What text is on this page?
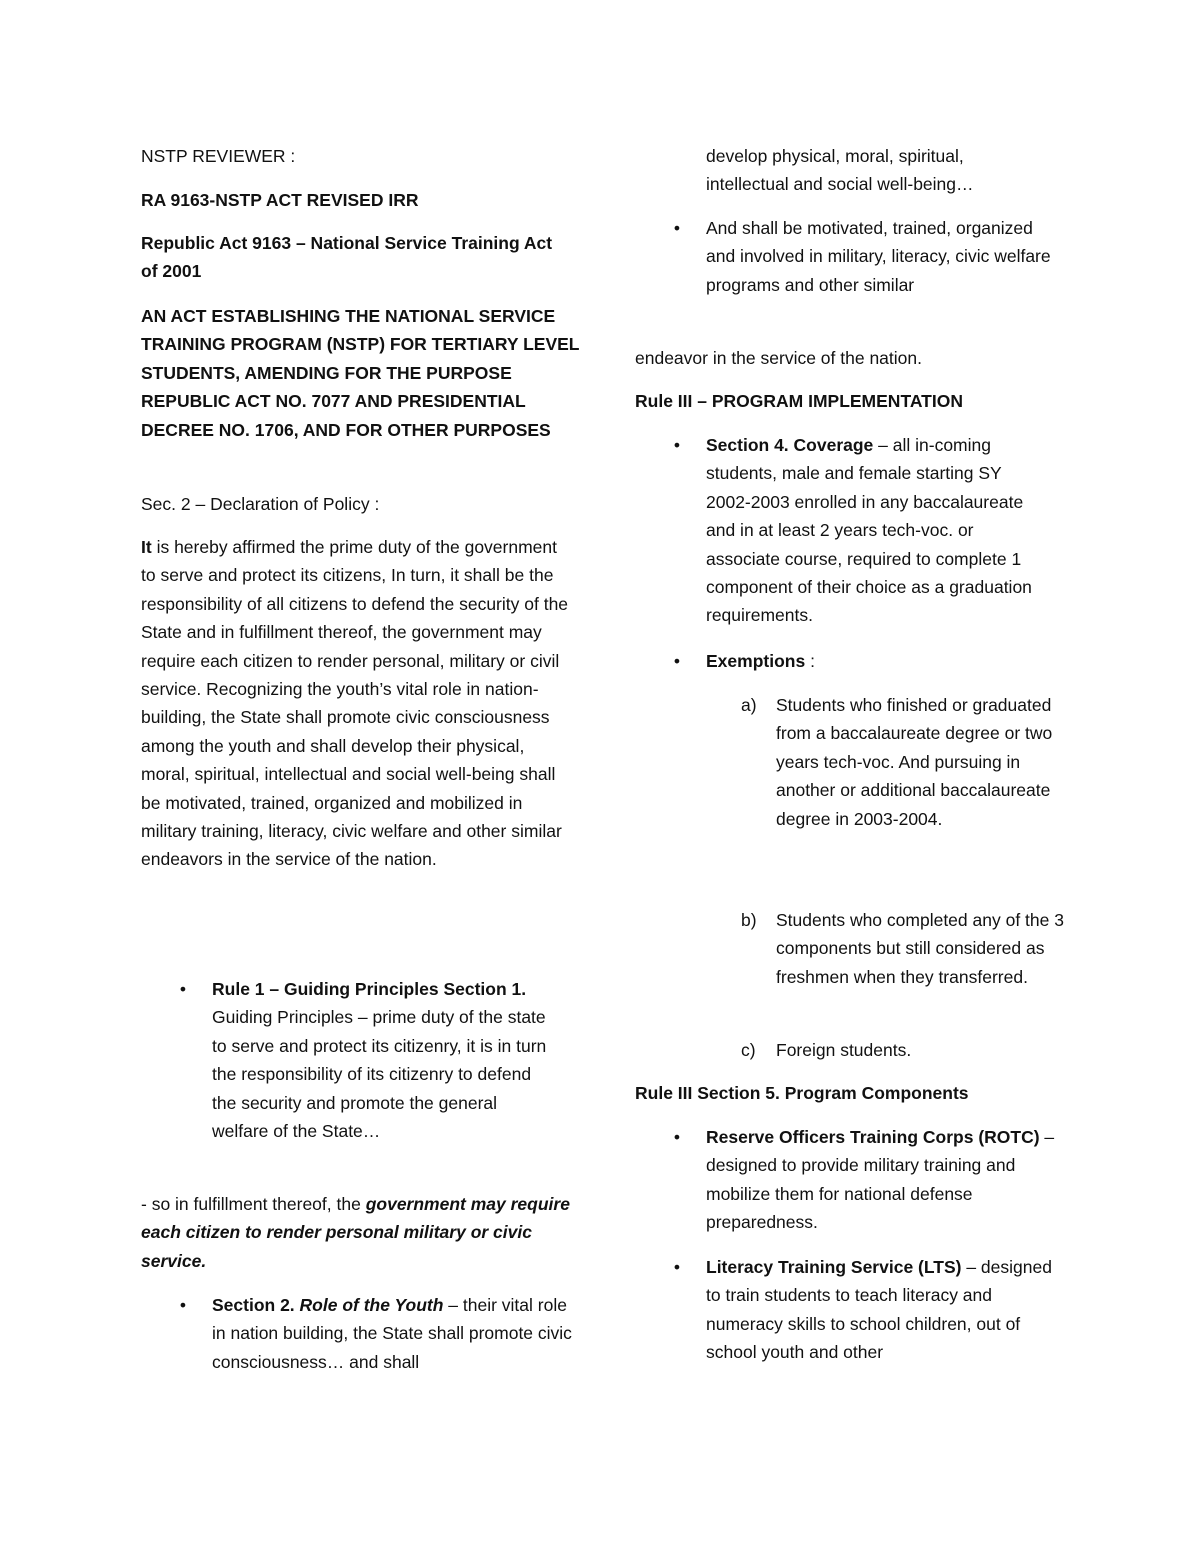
NSTP REVIEWER :

RA 9163-NSTP ACT REVISED IRR

Republic Act 9163 – National Service Training Act of 2001

AN ACT ESTABLISHING THE NATIONAL SERVICE TRAINING PROGRAM (NSTP) FOR TERTIARY LEVEL STUDENTS, AMENDING FOR THE PURPOSE REPUBLIC ACT NO. 7077 AND PRESIDENTIAL DECREE NO. 1706, AND FOR OTHER PURPOSES

Sec. 2 – Declaration of Policy :

It is hereby affirmed the prime duty of the government to serve and protect its citizens, In turn, it shall be the responsibility of all citizens to defend the security of the State and in fulfillment thereof, the government may require each citizen to render personal, military or civil service. Recognizing the youth’s vital role in nation-building, the State shall promote civic consciousness among the youth and shall develop their physical, moral, spiritual, intellectual and social well-being shall be motivated, trained, organized and mobilized in military training, literacy, civic welfare and other similar endeavors in the service of the nation.

• Rule 1 – Guiding Principles Section 1. Guiding Principles – prime duty of the state to serve and protect its citizenry, it is in turn the responsibility of its citizenry to defend the security and promote the general welfare of the State…

- so in fulfillment thereof, the government may require each citizen to render personal military or civic service.

• Section 2. Role of the Youth – their vital role in nation building, the State shall promote civic consciousness… and shall

develop physical, moral, spiritual, intellectual and social well-being…

• And shall be motivated, trained, organized and involved in military, literacy, civic welfare programs and other similar

endeavor in the service of the nation.

Rule III – PROGRAM IMPLEMENTATION

• Section 4. Coverage – all in-coming students, male and female starting SY 2002-2003 enrolled in any baccalaureate and in at least 2 years tech-voc. or associate course, required to complete 1 component of their choice as a graduation requirements.
• Exemptions :
a) Students who finished or graduated from a baccalaureate degree or two years tech-voc. And pursuing in another or additional baccalaureate degree in 2003-2004.
b) Students who completed any of the 3 components but still considered as freshmen when they transferred.
c) Foreign students.

Rule III Section 5. Program Components

• Reserve Officers Training Corps (ROTC) – designed to provide military training and mobilize them for national defense preparedness.
• Literacy Training Service (LTS) – designed to train students to teach literacy and numeracy skills to school children, out of school youth and other
